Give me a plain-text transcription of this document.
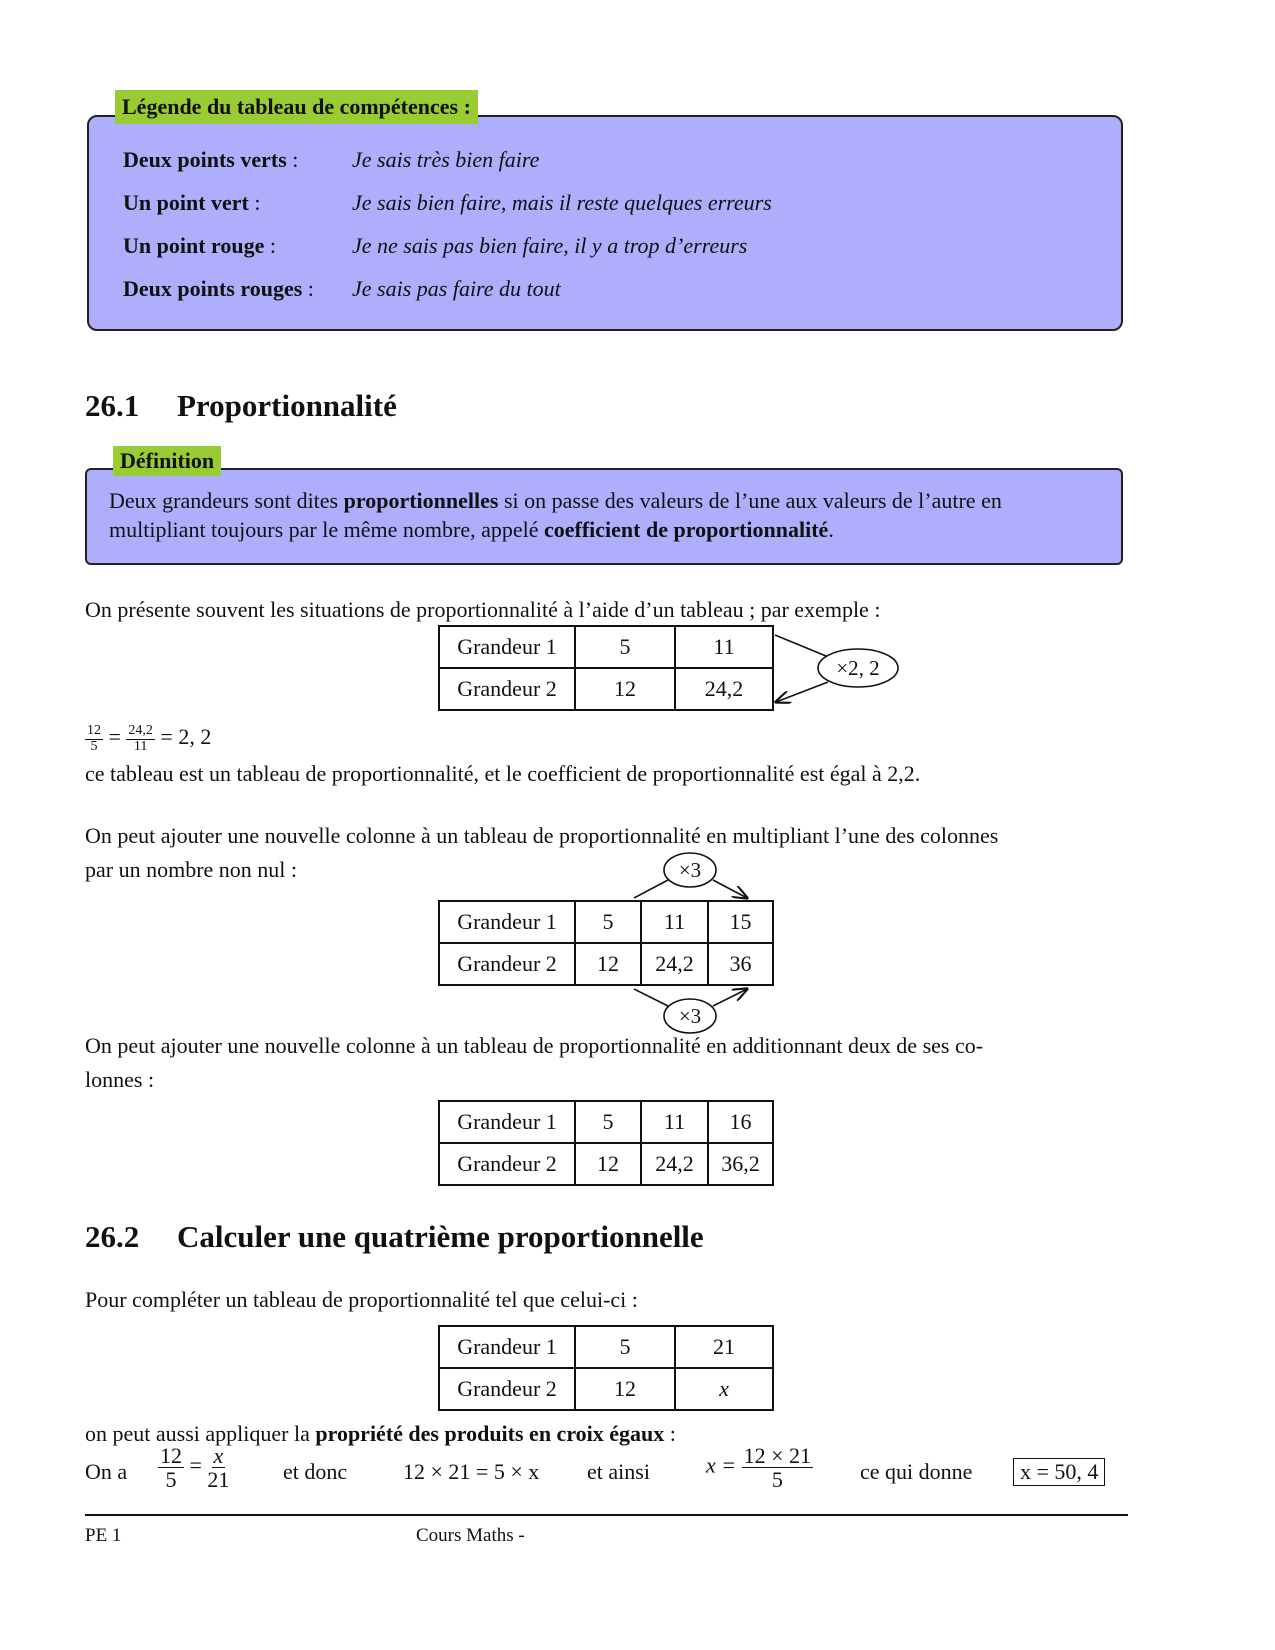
Légende du tableau de compétences :
Deux points verts : Je sais très bien faire
Un point vert :	Je sais bien faire, mais il reste quelques erreurs
Un point rouge :	Je ne sais pas bien faire, il y a trop d’erreurs
Deux points rouges : Je sais pas faire du tout
26.1 Proportionnalité
Définition
Deux grandeurs sont dites proportionnelles si on passe des valeurs de l’une aux valeurs de l’autre en
multipliant toujours par le même nombre, appelé coefficient de proportionnalité.
On présente souvent les situations de proportionnalité à l’aide d’un tableau ; par exemple :
Grandeur 1	5	11
Grandeur 2	12	24,2
×2, 2
×3
×3
$\frac{12}{5} = \frac{24,2}{11} = 2$, 2
ce tableau est un tableau de proportionnalité, et le coefficient de proportionnalité est égal à 2,2.
On peut ajouter une nouvelle colonne à un tableau de proportionnalité en multipliant l’une des colonnes
par un nombre non nul :
Grandeur 1	5	11	15
Grandeur 2	12	24,2	36
On peut ajouter une nouvelle colonne à un tableau de proportionnalité en additionnant deux de ses co-
lonnes :
Grandeur 1	5	11	16
Grandeur 2	12	24,2	36,2
26.2 Calculer une quatrième proportionnelle
Pour compléter un tableau de proportionnalité tel que celui-ci :
Grandeur 1	5	21
Grandeur 2	12	x
on peut aussi appliquer la propriété des produits en croix égaux :
On a $\frac{12}{5} = \frac{x}{21}$ et donc	12 × 21 = 5 × x et ainsi	$x = \frac{12 \times 21}{5}$ ce qui donne	x = 50, 4
PE 1	Cours Maths -
